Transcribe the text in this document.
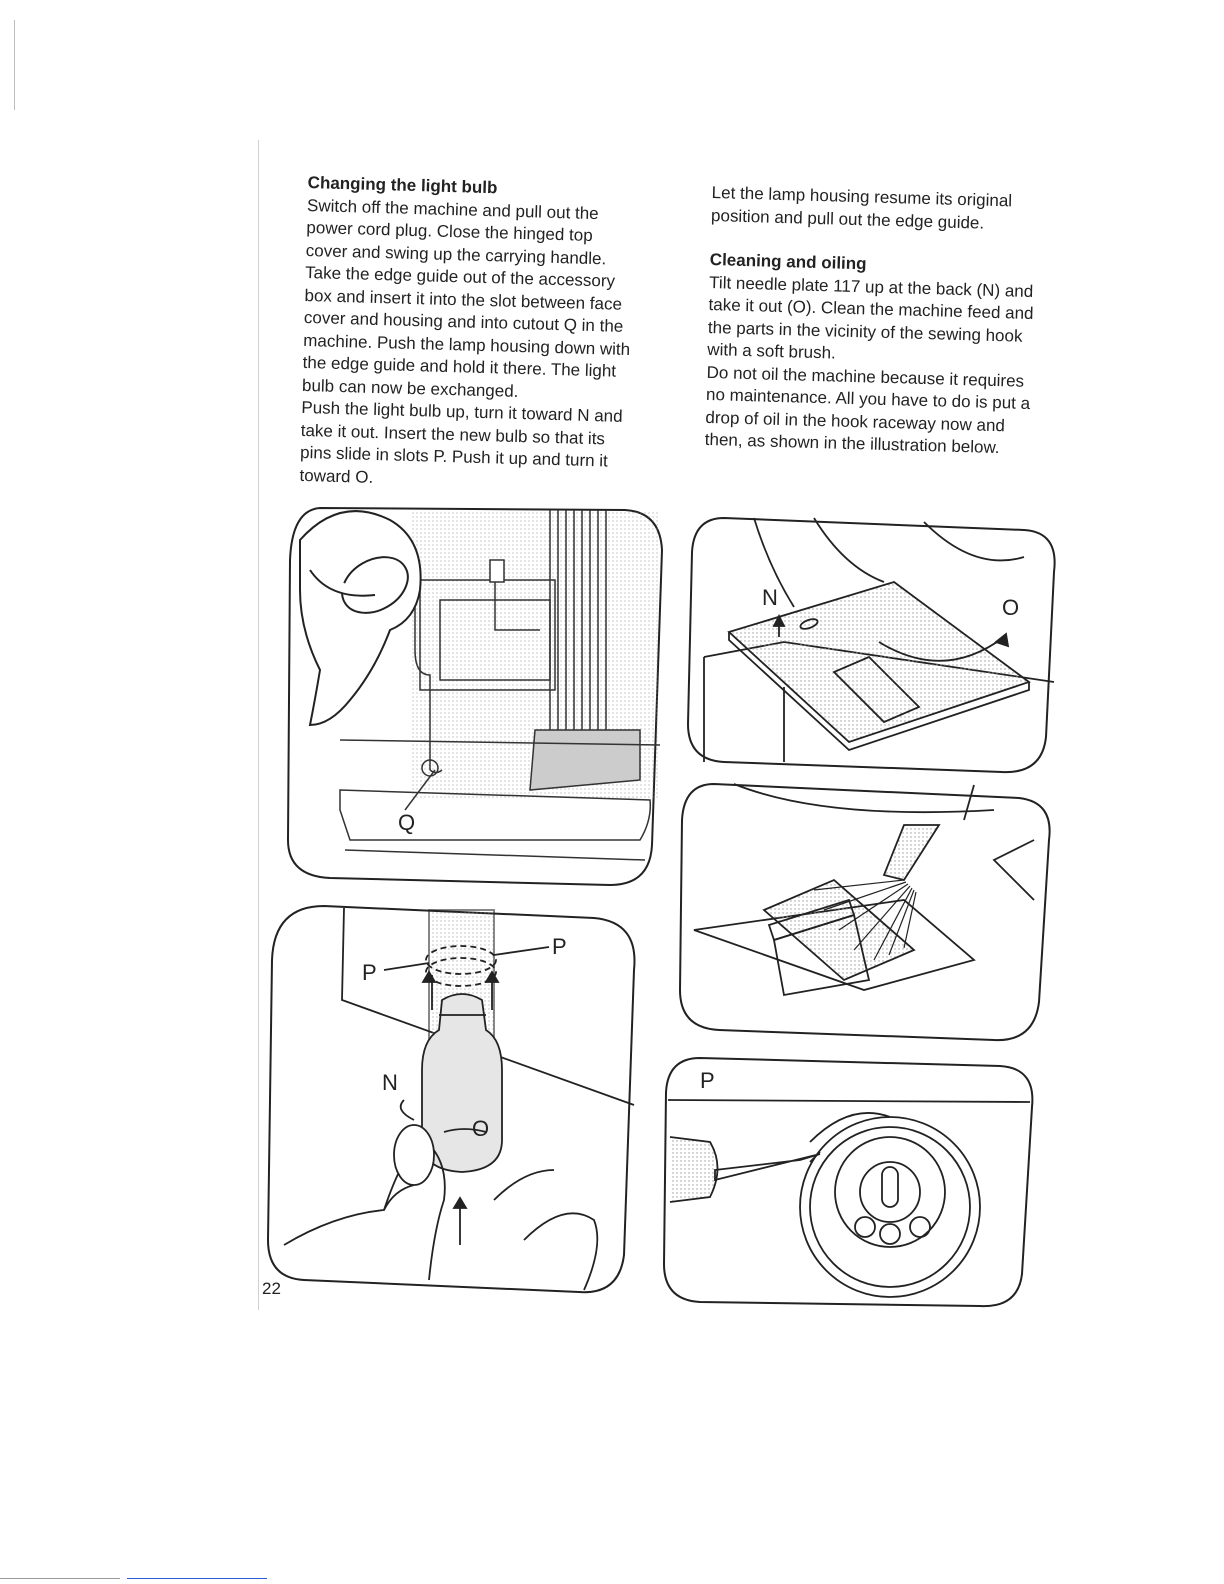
Changing the light bulb

Switch off the machine and pull out the

power cord plug. Close the hinged top

cover and swing up the carrying handle.

Take the edge guide out of the accessory

box and insert it into the slot between face

cover and housing and into cutout Q in the

machine. Push the lamp housing down with

the edge guide and hold it there. The light

bulb can now be exchanged.

Push the light bulb up, turn it toward N and

take it out. Insert the new bulb so that its

pins slide in slots P. Push it up and turn it

toward O.

Let the lamp housing resume its original

position and pull out the edge guide.

Cleaning and oiling

Tilt needle plate 117 up at the back (N) and

take it out (O). Clean the machine feed and

the parts in the vicinity of the sewing hook

with a soft brush.

Do not oil the machine because it requires

no maintenance. All you have to do is put a

drop of oil in the hook raceway now and

then, as shown in the illustration below.

Q
P
P
N
O
N	O
P
22
